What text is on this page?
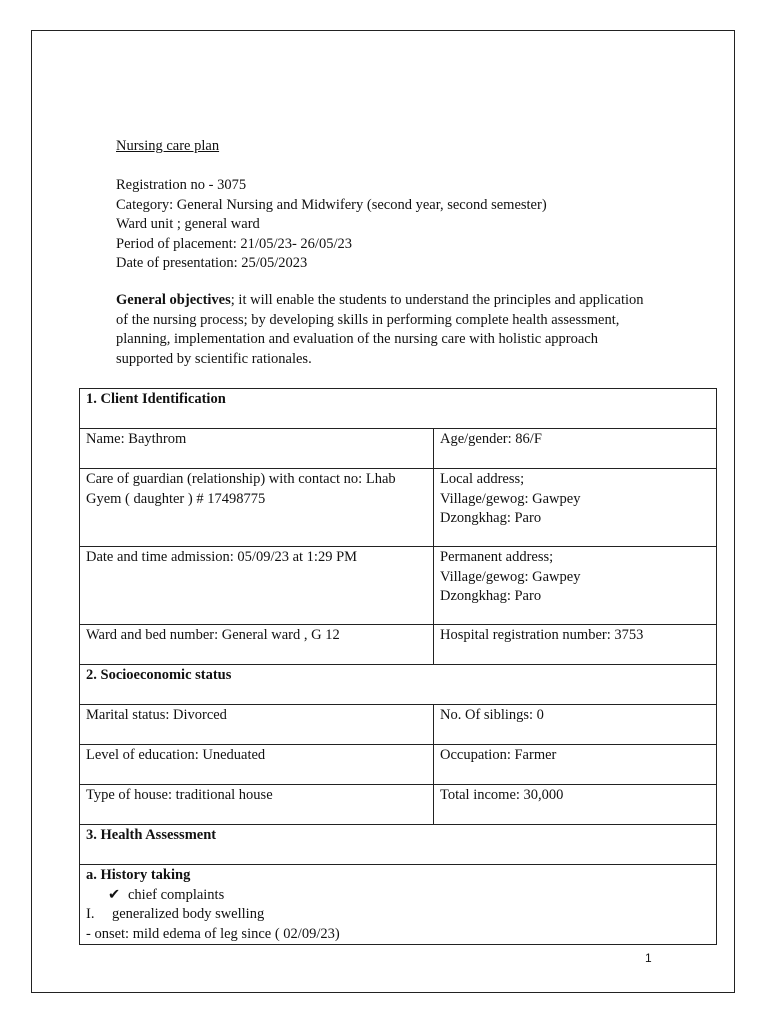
Nursing care plan
Registration no - 3075
Category: General Nursing and Midwifery (second year, second semester)
Ward unit ; general ward
Period of placement: 21/05/23- 26/05/23
Date of presentation: 25/05/2023
General objectives; it will enable the students to understand the principles and application of the nursing process; by developing skills in performing complete health assessment, planning, implementation and evaluation of the nursing care with holistic approach supported by scientific rationales.
1. Client Identification	
Name: Baythrom	Age/gender: 86/F
Care of guardian (relationship) with contact no: Lhab Gyem ( daughter ) # 17498775	Local address;
Village/gewog: Gawpey
Dzongkhag: Paro

Date and time admission: 05/09/23 at 1:29 PM	Permanent address;
Village/gewog: Gawpey
Dzongkhag: Paro

Ward and bed number: General ward , G 12	Hospital registration number: 3753
2. Socioeconomic status	
Marital status: Divorced	No. Of siblings: 0
Level of education: Uneduated	Occupation: Farmer
Type of house: traditional house	Total income: 30,000
3. Health Assessment	

a. History taking
✔ chief complaints
I. generalized body swelling
- onset: mild edema of leg since ( 02/09/23)	
1
